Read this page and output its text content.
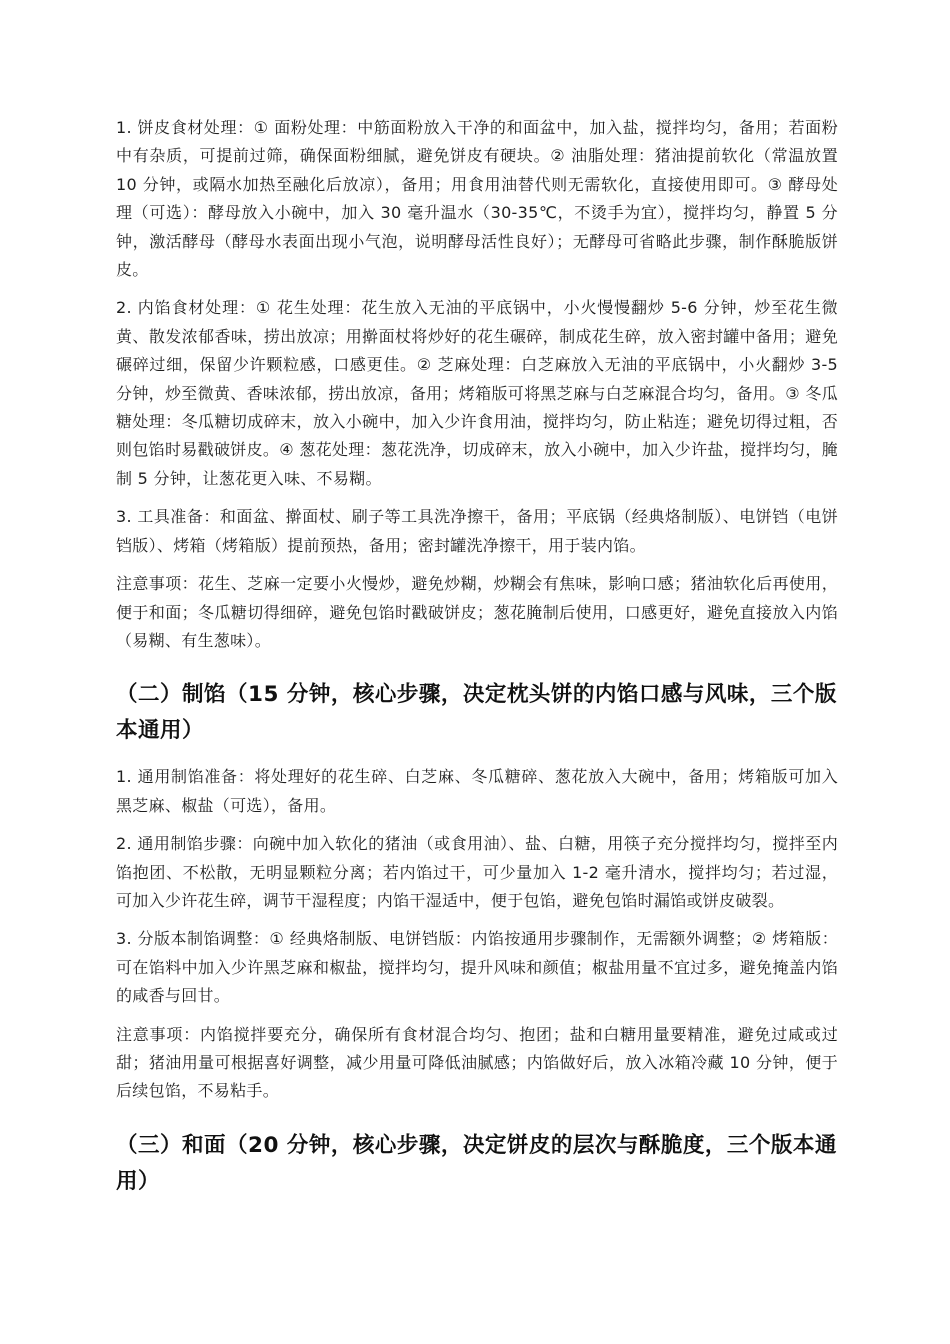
1. 饼皮食材处理：① 面粉处理：中筋面粉放入干净的和面盆中，加入盐，搅拌均匀，备用；若面粉中有杂质，可提前过筛，确保面粉细腻，避免饼皮有硬块。② 油脂处理：猪油提前软化（常温放置 10 分钟，或隔水加热至融化后放凉），备用；用食用油替代则无需软化，直接使用即可。③ 酵母处理（可选）：酵母放入小碗中，加入 30 毫升温水（30-35℃，不烫手为宜），搅拌均匀，静置 5 分钟，激活酵母（酵母水表面出现小气泡，说明酵母活性良好）；无酵母可省略此步骤，制作酥脆版饼皮。

2. 内馅食材处理：① 花生处理：花生放入无油的平底锅中，小火慢慢翻炒 5-6 分钟，炒至花生微黄、散发浓郁香味，捞出放凉；用擀面杖将炒好的花生碾碎，制成花生碎，放入密封罐中备用；避免碾碎过细，保留少许颗粒感，口感更佳。② 芝麻处理：白芝麻放入无油的平底锅中，小火翻炒 3-5 分钟，炒至微黄、香味浓郁，捞出放凉，备用；烤箱版可将黑芝麻与白芝麻混合均匀，备用。③ 冬瓜糖处理：冬瓜糖切成碎末，放入小碗中，加入少许食用油，搅拌均匀，防止粘连；避免切得过粗，否则包馅时易戳破饼皮。④ 葱花处理：葱花洗净，切成碎末，放入小碗中，加入少许盐，搅拌均匀，腌制 5 分钟，让葱花更入味、不易糊。

3. 工具准备：和面盆、擀面杖、刷子等工具洗净擦干，备用；平底锅（经典烙制版）、电饼铛（电饼铛版）、烤箱（烤箱版）提前预热，备用；密封罐洗净擦干，用于装内馅。

注意事项：花生、芝麻一定要小火慢炒，避免炒糊，炒糊会有焦味，影响口感；猪油软化后再使用，便于和面；冬瓜糖切得细碎，避免包馅时戳破饼皮；葱花腌制后使用，口感更好，避免直接放入内馅（易糊、有生葱味）。

（二）制馅（15 分钟，核心步骤，决定枕头饼的内馅口感与风味，三个版本通用）

1. 通用制馅准备：将处理好的花生碎、白芝麻、冬瓜糖碎、葱花放入大碗中，备用；烤箱版可加入黑芝麻、椒盐（可选），备用。

2. 通用制馅步骤：向碗中加入软化的猪油（或食用油）、盐、白糖，用筷子充分搅拌均匀，搅拌至内馅抱团、不松散，无明显颗粒分离；若内馅过干，可少量加入 1-2 毫升清水，搅拌均匀；若过湿，可加入少许花生碎，调节干湿程度；内馅干湿适中，便于包馅，避免包馅时漏馅或饼皮破裂。

3. 分版本制馅调整：① 经典烙制版、电饼铛版：内馅按通用步骤制作，无需额外调整；② 烤箱版：可在馅料中加入少许黑芝麻和椒盐，搅拌均匀，提升风味和颜值；椒盐用量不宜过多，避免掩盖内馅的咸香与回甘。

注意事项：内馅搅拌要充分，确保所有食材混合均匀、抱团；盐和白糖用量要精准，避免过咸或过甜；猪油用量可根据喜好调整，减少用量可降低油腻感；内馅做好后，放入冰箱冷藏 10 分钟，便于后续包馅，不易粘手。

（三）和面（20 分钟，核心步骤，决定饼皮的层次与酥脆度，三个版本通用）
